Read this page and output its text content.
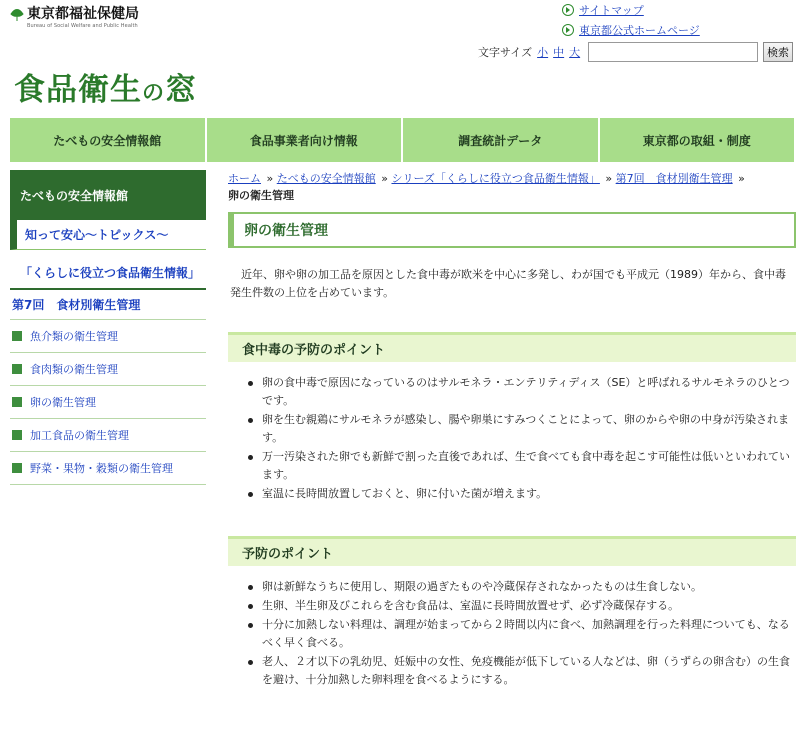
東京都福祉保健局
Bureau of Social Welfare and Public Health
サイトマップ
東京都公式ホームページ
文字サイズ 小 中 大	検索
食品衛生の窓
たべもの安全情報館	食品事業者向け情報	調査統計データ	東京都の取組・制度
たべもの安全情報館
知って安心～トピックス～
「くらしに役立つ食品衛生情報」
第7回　食材別衛生管理
魚介類の衛生管理
食肉類の衛生管理
卵の衛生管理
加工食品の衛生管理
野菜・果物・穀類の衛生管理
ホーム » たべもの安全情報館 » シリーズ「くらしに役立つ食品衛生情報」 » 第7回　食材別衛生管理 »
卵の衛生管理
卵の衛生管理

　近年、卵や卵の加工品を原因とした食中毒が欧米を中心に多発し、わが国でも平成元（1989）年から、食中毒発生件数の上位を占めています。

食中毒の予防のポイント
卵の食中毒で原因になっているのはサルモネラ・エンテリティディス（SE）と呼ばれるサルモネラのひとつです。
卵を生む親鶏にサルモネラが感染し、腸や卵巣にすみつくことによって、卵のからや卵の中身が汚染されます。
万一汚染された卵でも新鮮で割った直後であれば、生で食べても食中毒を起こす可能性は低いといわれています。
室温に長時間放置しておくと、卵に付いた菌が増えます。
予防のポイント
卵は新鮮なうちに使用し、期限の過ぎたものや冷蔵保存されなかったものは生食しない。
生卵、半生卵及びこれらを含む食品は、室温に長時間放置せず、必ず冷蔵保存する。
十分に加熱しない料理は、調理が始まってから２時間以内に食べ、加熱調理を行った料理についても、なるべく早く食べる。
老人、２才以下の乳幼児、妊娠中の女性、免疫機能が低下している人などは、卵（うずらの卵含む）の生食を避け、十分加熱した卵料理を食べるようにする。
